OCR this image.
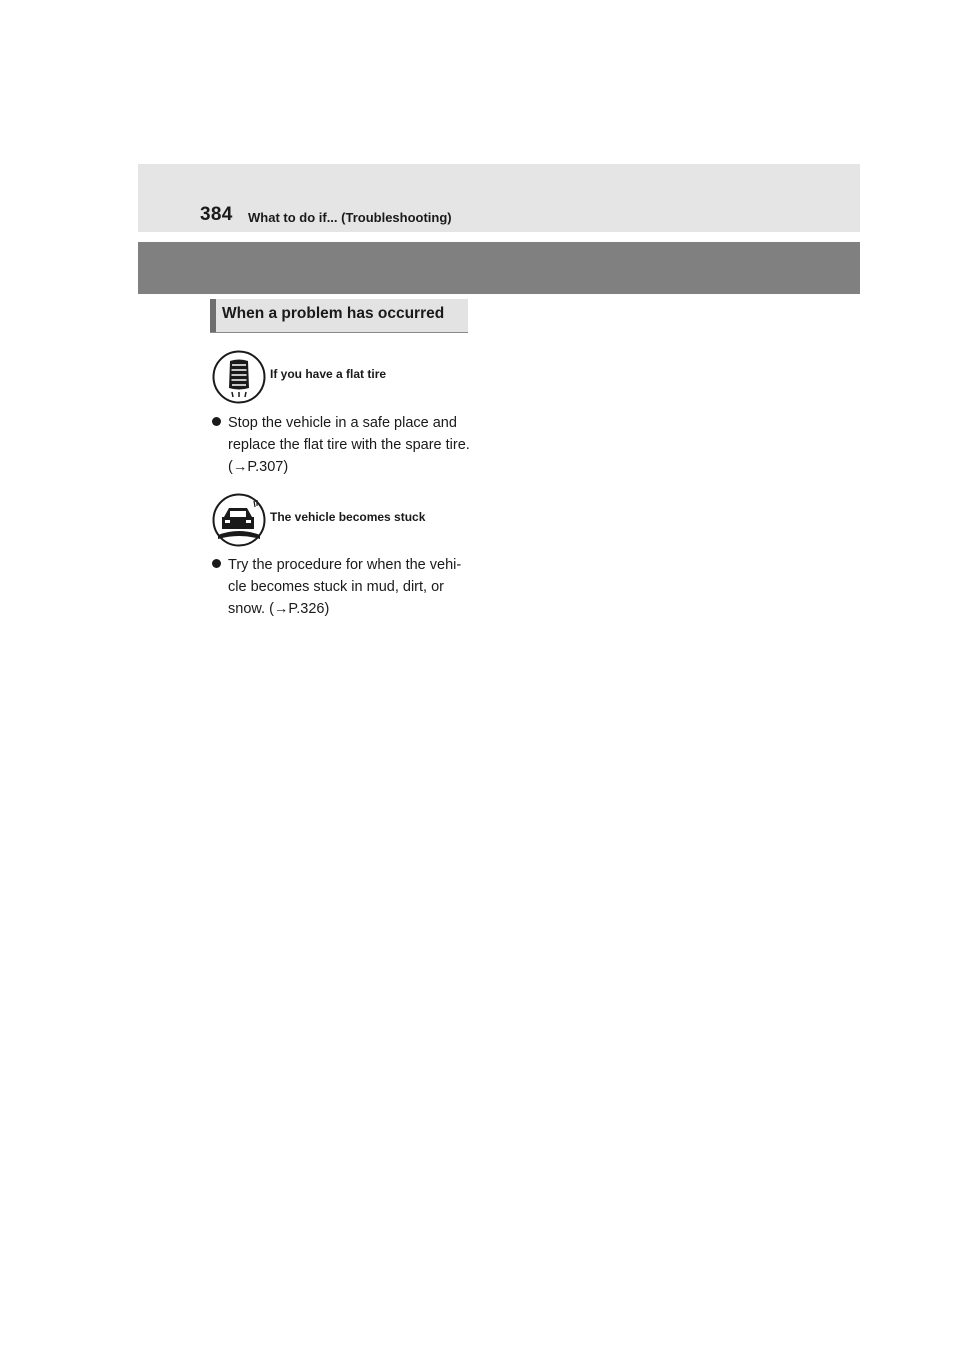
384 What to do if... (Troubleshooting)
When a problem has occurred
If you have a flat tire
Stop the vehicle in a safe place and replace the flat tire with the spare tire. (→P.307)
The vehicle becomes stuck
Try the procedure for when the vehi-cle becomes stuck in mud, dirt, or snow. (→P.326)
